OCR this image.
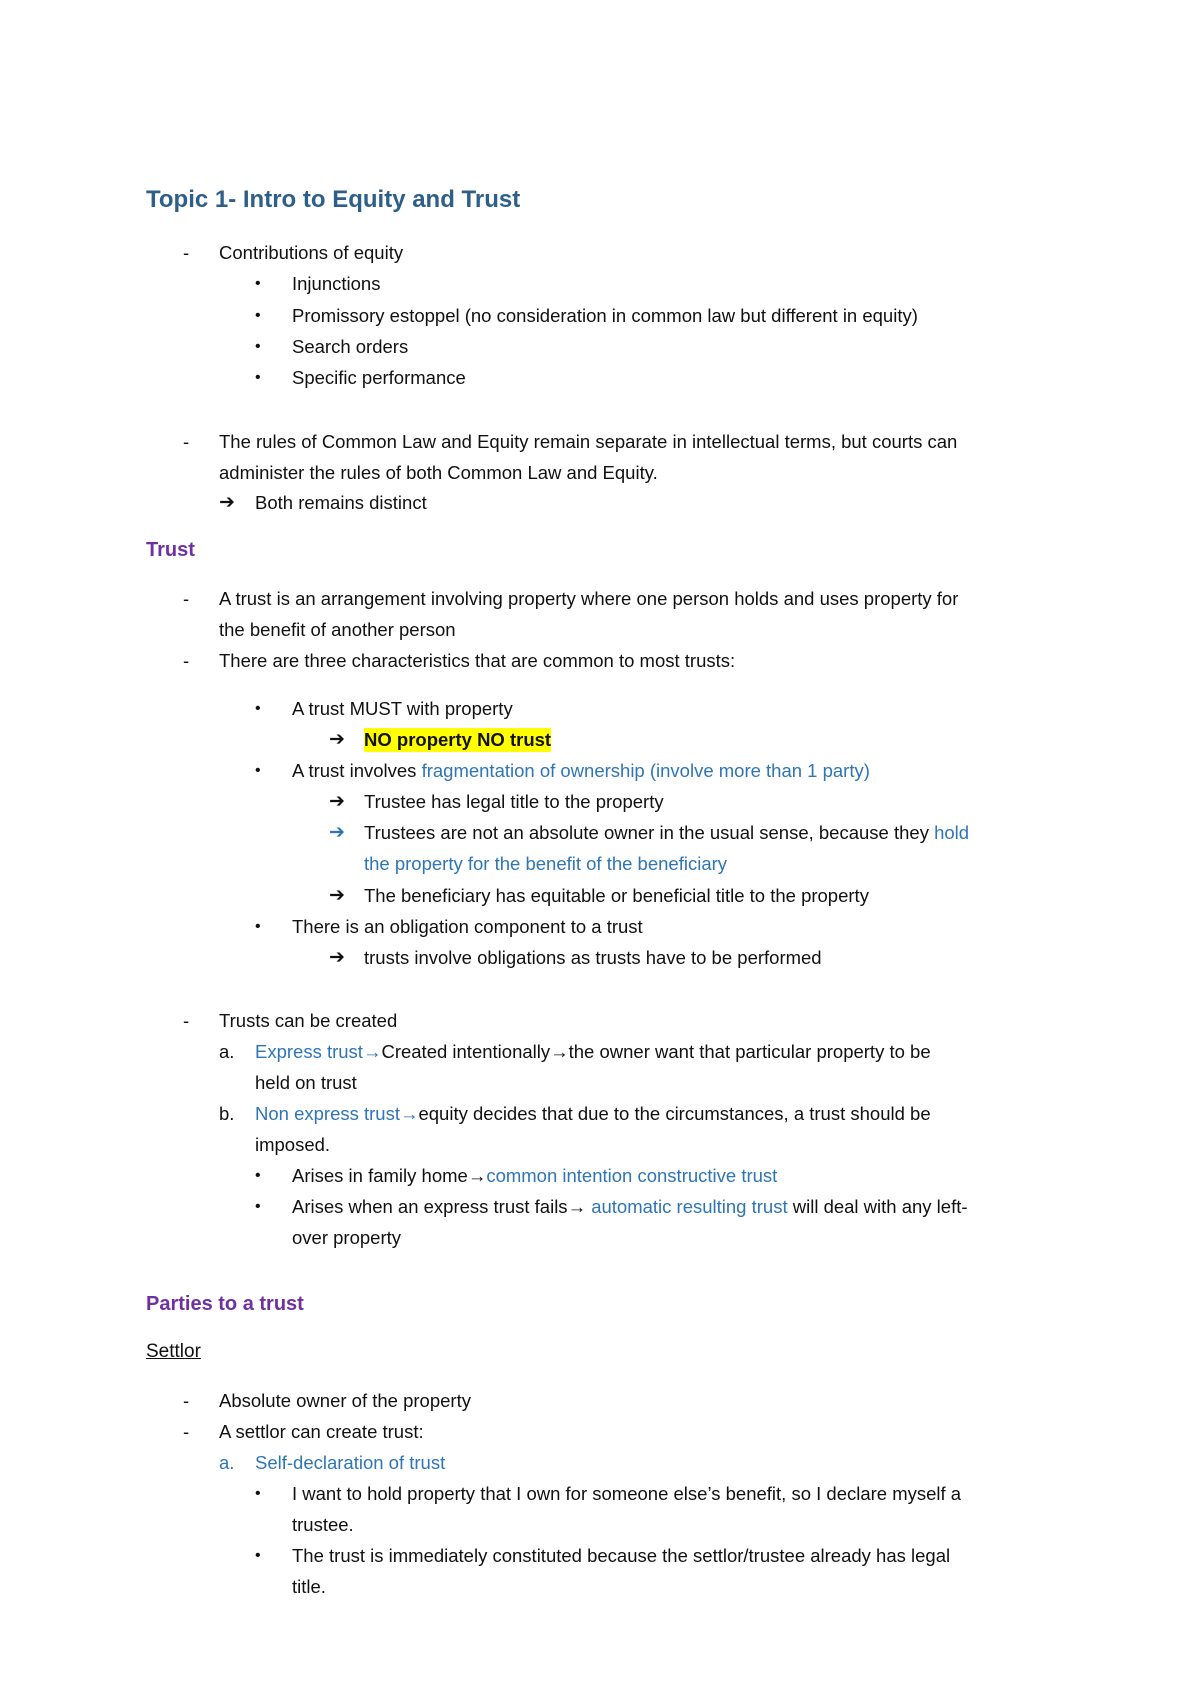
Topic 1- Intro to Equity and Trust
- Contributions of equity
• Injunctions
• Promissory estoppel (no consideration in common law but different in equity)
• Search orders
• Specific performance
- The rules of Common Law and Equity remain separate in intellectual terms, but courts can
administer the rules of both Common Law and Equity.
➔ Both remains distinct
Trust
- A trust is an arrangement involving property where one person holds and uses property for
the benefit of another person
- There are three characteristics that are common to most trusts:
• A trust MUST with property
➔ NO property NO trust
• A trust involves fragmentation of ownership (involve more than 1 party)
➔ Trustee has legal title to the property
➔ Trustees are not an absolute owner in the usual sense, because they hold
the property for the benefit of the beneficiary
➔ The beneficiary has equitable or beneficial title to the property
• There is an obligation component to a trust
➔ trusts involve obligations as trusts have to be performed
- Trusts can be created
a. Express trust→Created intentionally→the owner want that particular property to be
held on trust
b. Non express trust→equity decides that due to the circumstances, a trust should be
imposed.
• Arises in family home→common intention constructive trust
• Arises when an express trust fails→ automatic resulting trust will deal with any left-
over property
Parties to a trust
Settlor
- Absolute owner of the property
- A settlor can create trust:
a. Self-declaration of trust
• I want to hold property that I own for someone else’s benefit, so I declare myself a
trustee.
• The trust is immediately constituted because the settlor/trustee already has legal
title.
